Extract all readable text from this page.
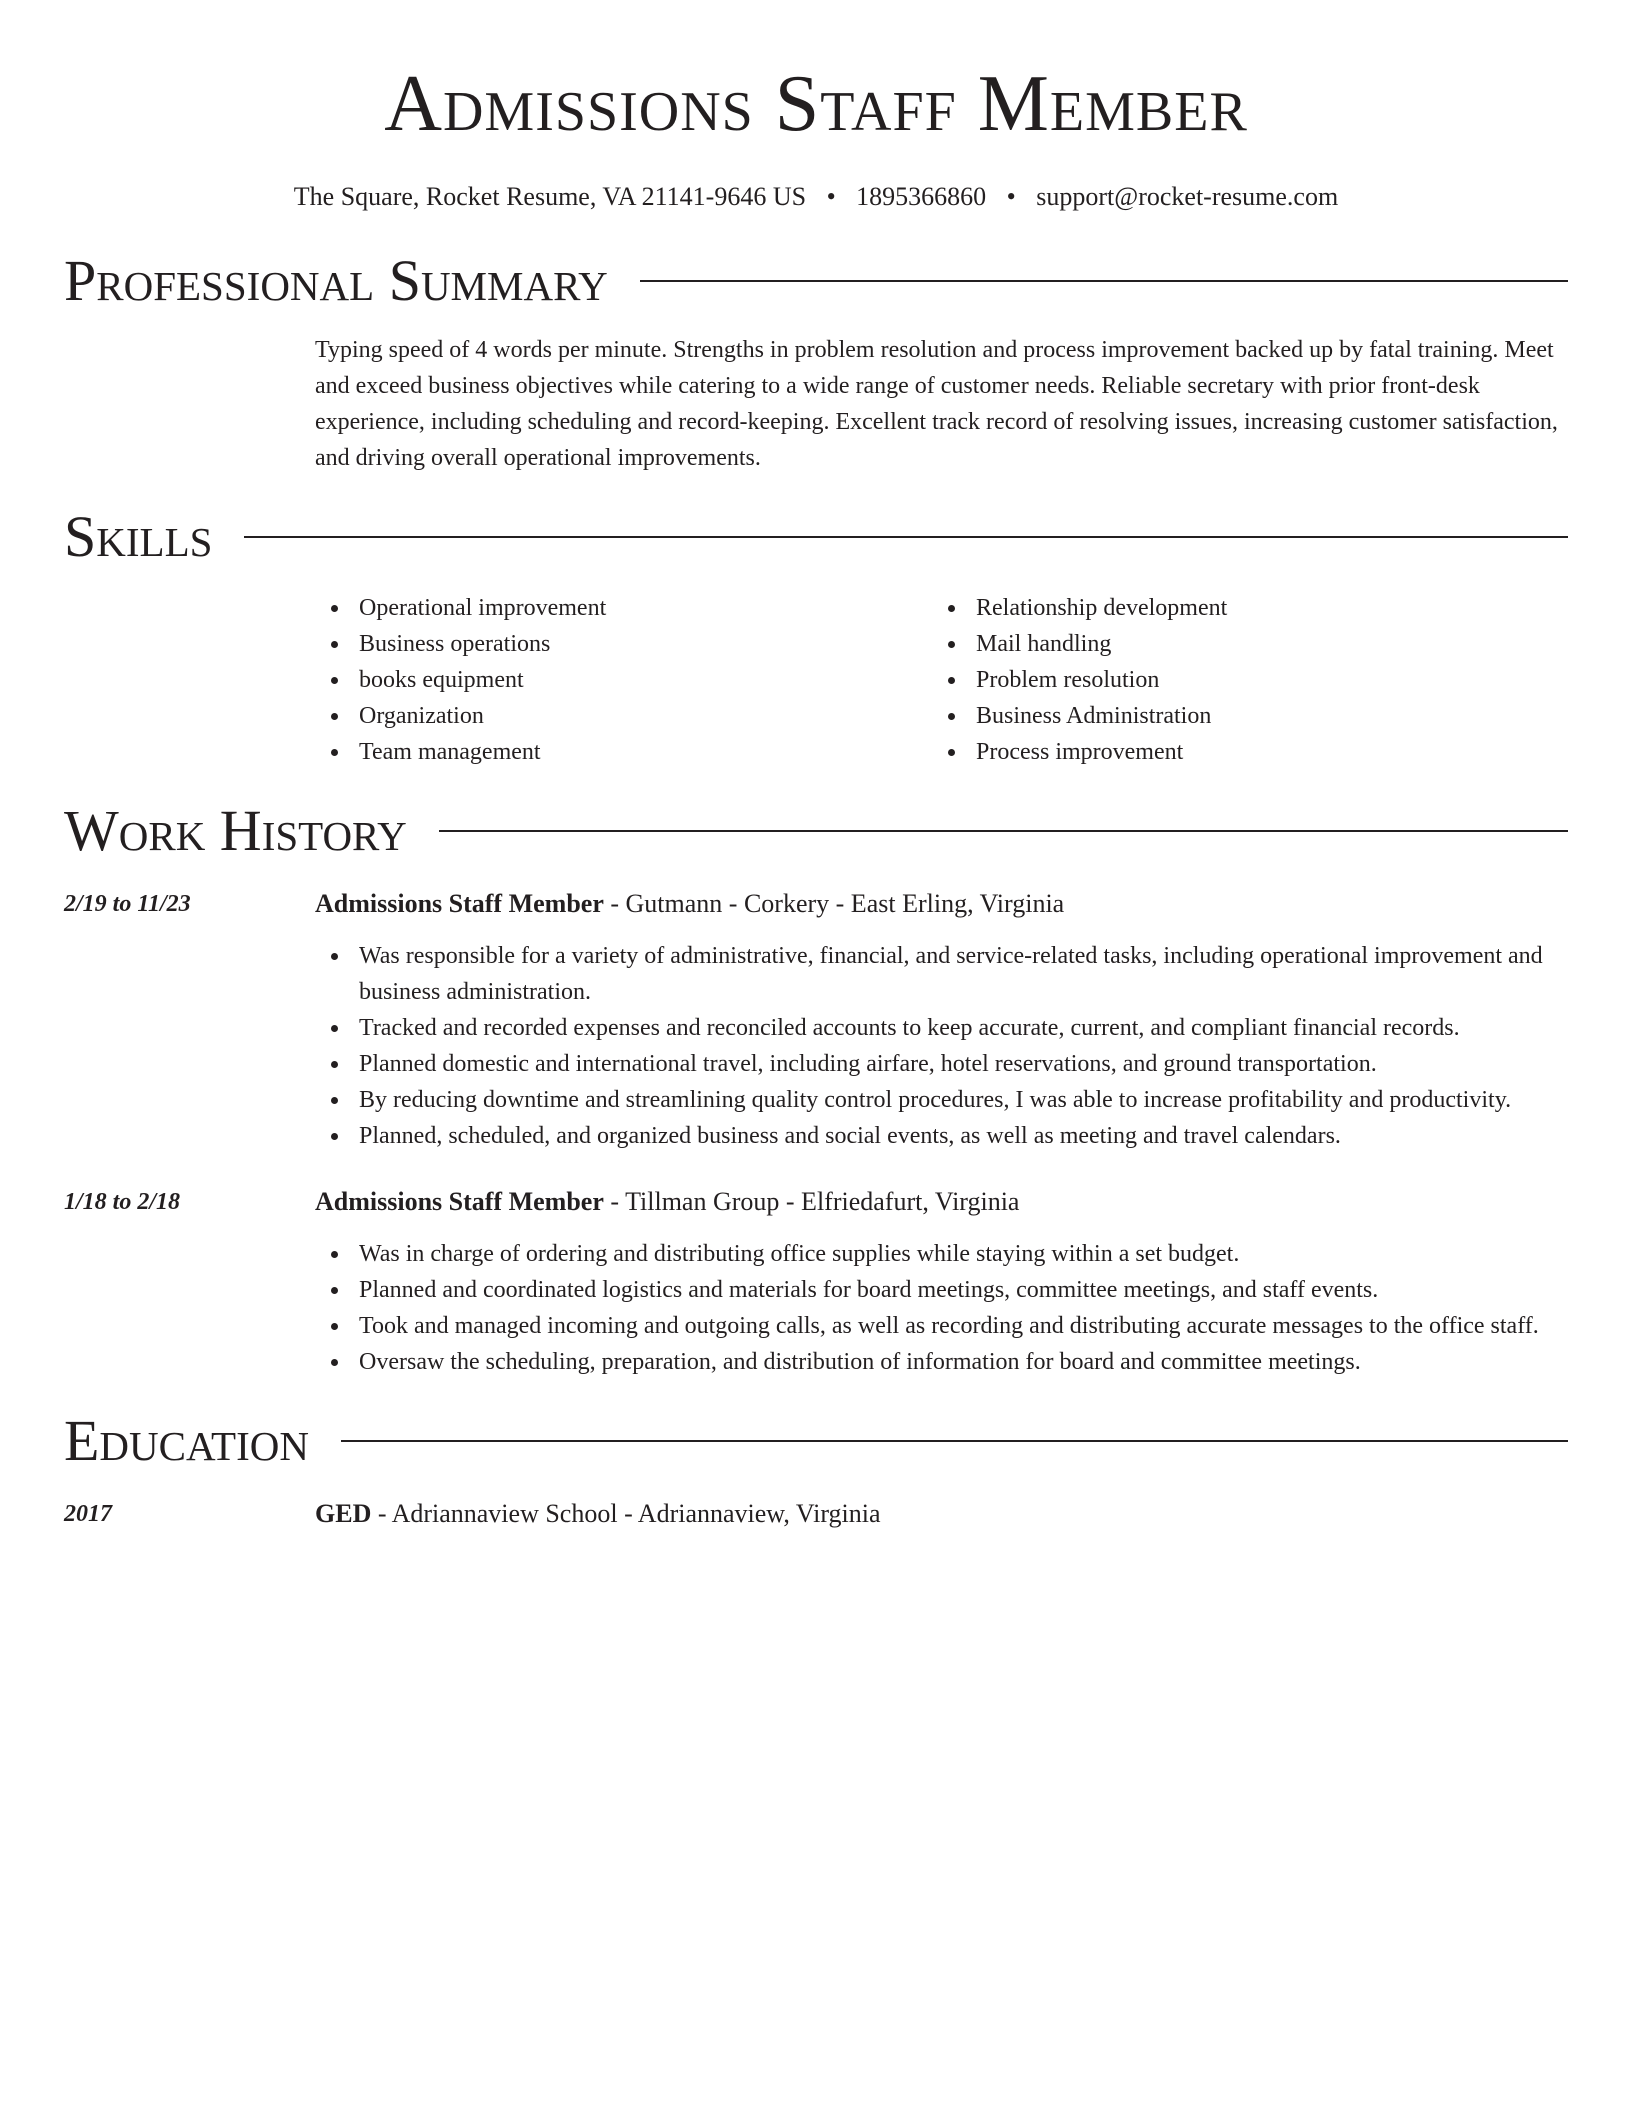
Admissions Staff Member
The Square, Rocket Resume, VA 21141-9646 US • 1895366860 • support@rocket-resume.com
Professional Summary
Typing speed of 4 words per minute. Strengths in problem resolution and process improvement backed up by fatal training. Meet and exceed business objectives while catering to a wide range of customer needs. Reliable secretary with prior front-desk experience, including scheduling and record-keeping. Excellent track record of resolving issues, increasing customer satisfaction, and driving overall operational improvements.
Skills
Operational improvement
Business operations
books equipment
Organization
Team management
Relationship development
Mail handling
Problem resolution
Business Administration
Process improvement
Work History
2/19 to 11/23	Admissions Staff Member - Gutmann - Corkery - East Erling, Virginia
Was responsible for a variety of administrative, financial, and service-related tasks, including operational improvement and business administration.
Tracked and recorded expenses and reconciled accounts to keep accurate, current, and compliant financial records.
Planned domestic and international travel, including airfare, hotel reservations, and ground transportation.
By reducing downtime and streamlining quality control procedures, I was able to increase profitability and productivity.
Planned, scheduled, and organized business and social events, as well as meeting and travel calendars.
1/18 to 2/18	Admissions Staff Member - Tillman Group - Elfriedafurt, Virginia
Was in charge of ordering and distributing office supplies while staying within a set budget.
Planned and coordinated logistics and materials for board meetings, committee meetings, and staff events.
Took and managed incoming and outgoing calls, as well as recording and distributing accurate messages to the office staff.
Oversaw the scheduling, preparation, and distribution of information for board and committee meetings.
Education
2017	GED - Adriannaview School - Adriannaview, Virginia
